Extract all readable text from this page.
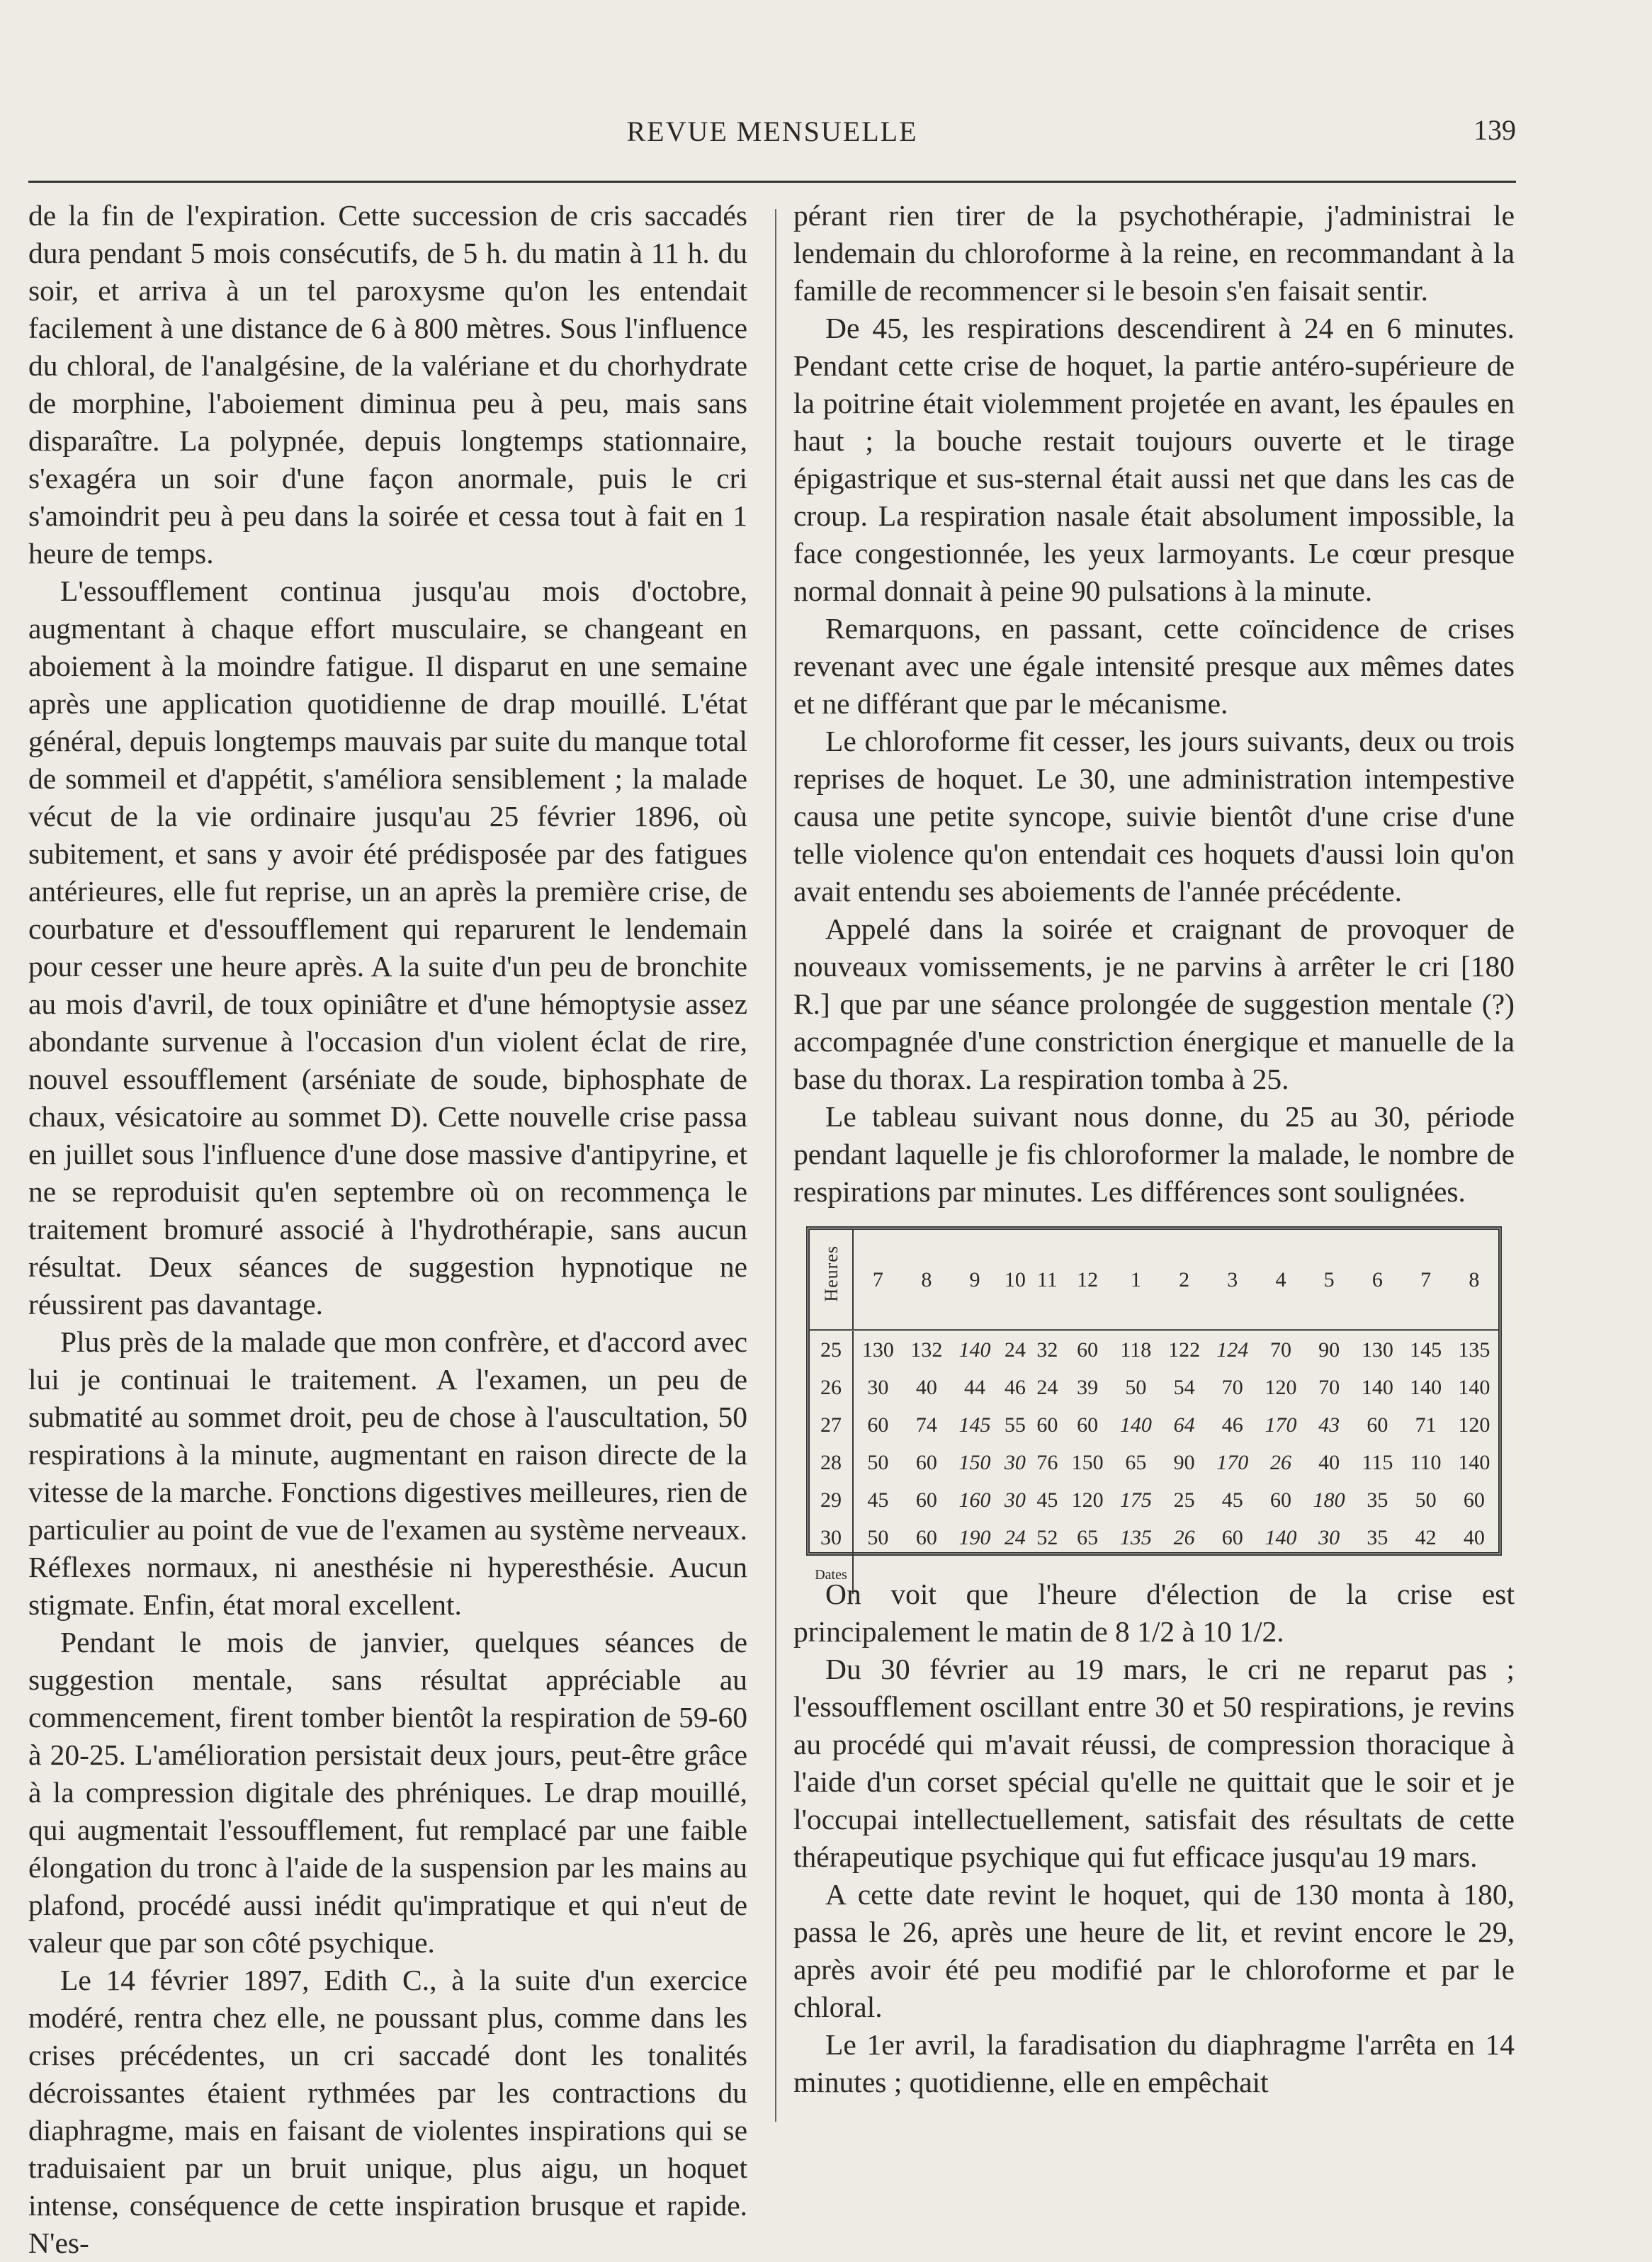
REVUE MENSUELLE	139

de la fin de l'expiration. Cette succession de cris saccadés dura pendant 5 mois consécutifs, de 5 h. du matin à 11 h. du soir, et arriva à un tel paroxysme qu'on les entendait facilement à une distance de 6 à 800 mètres. Sous l'influence du chloral, de l'analgésine, de la valériane et du chorhydrate de morphine, l'aboiement diminua peu à peu, mais sans disparaître. La polypnée, depuis longtemps stationnaire, s'exagéra un soir d'une façon anormale, puis le cri s'amoindrit peu à peu dans la soirée et cessa tout à fait en 1 heure de temps.

L'essoufflement continua jusqu'au mois d'octobre, augmentant à chaque effort musculaire, se changeant en aboiement à la moindre fatigue. Il disparut en une semaine après une application quotidienne de drap mouillé. L'état général, depuis longtemps mauvais par suite du manque total de sommeil et d'appétit, s'améliora sensiblement ; la malade vécut de la vie ordinaire jusqu'au 25 février 1896, où subitement, et sans y avoir été prédisposée par des fatigues antérieures, elle fut reprise, un an après la première crise, de courbature et d'essoufflement qui reparurent le lendemain pour cesser une heure après. A la suite d'un peu de bronchite au mois d'avril, de toux opiniâtre et d'une hémoptysie assez abondante survenue à l'occasion d'un violent éclat de rire, nouvel essoufflement (arséniate de soude, biphosphate de chaux, vésicatoire au sommet D). Cette nouvelle crise passa en juillet sous l'influence d'une dose massive d'antipyrine, et ne se reproduisit qu'en septembre où on recommença le traitement bromuré associé à l'hydrothérapie, sans aucun résultat. Deux séances de suggestion hypnotique ne réussirent pas davantage.

Plus près de la malade que mon confrère, et d'accord avec lui je continuai le traitement. A l'examen, un peu de submatité au sommet droit, peu de chose à l'auscultation, 50 respirations à la minute, augmentant en raison directe de la vitesse de la marche. Fonctions digestives meilleures, rien de particulier au point de vue de l'examen au système nerveaux. Réflexes normaux, ni anesthésie ni hyperesthésie. Aucun stigmate. Enfin, état moral excellent.

Pendant le mois de janvier, quelques séances de suggestion mentale, sans résultat appréciable au commencement, firent tomber bientôt la respiration de 59-60 à 20-25. L'amélioration persistait deux jours, peut-être grâce à la compression digitale des phréniques. Le drap mouillé, qui augmentait l'essoufflement, fut remplacé par une faible élongation du tronc à l'aide de la suspension par les mains au plafond, procédé aussi inédit qu'impratique et qui n'eut de valeur que par son côté psychique.

Le 14 février 1897, Edith C., à la suite d'un exercice modéré, rentra chez elle, ne poussant plus, comme dans les crises précédentes, un cri saccadé dont les tonalités décroissantes étaient rythmées par les contractions du diaphragme, mais en faisant de violentes inspirations qui se traduisaient par un bruit unique, plus aigu, un hoquet intense, conséquence de cette inspiration brusque et rapide. N'es-

pérant rien tirer de la psychothérapie, j'administrai le lendemain du chloroforme à la reine, en recommandant à la famille de recommencer si le besoin s'en faisait sentir.

De 45, les respirations descendirent à 24 en 6 minutes. Pendant cette crise de hoquet, la partie antéro-supérieure de la poitrine était violemment projetée en avant, les épaules en haut ; la bouche restait toujours ouverte et le tirage épigastrique et sus-sternal était aussi net que dans les cas de croup. La respiration nasale était absolument impossible, la face congestionnée, les yeux larmoyants. Le cœur presque normal donnait à peine 90 pulsations à la minute.

Remarquons, en passant, cette coïncidence de crises revenant avec une égale intensité presque aux mêmes dates et ne différant que par le mécanisme.

Le chloroforme fit cesser, les jours suivants, deux ou trois reprises de hoquet. Le 30, une administration intempestive causa une petite syncope, suivie bientôt d'une crise d'une telle violence qu'on entendait ces hoquets d'aussi loin qu'on avait entendu ses aboiements de l'année précédente.

Appelé dans la soirée et craignant de provoquer de nouveaux vomissements, je ne parvins à arrêter le cri [180 R.] que par une séance prolongée de suggestion mentale (?) accompagnée d'une constriction énergique et manuelle de la base du thorax. La respiration tomba à 25.

Le tableau suivant nous donne, du 25 au 30, période pendant laquelle je fis chloroformer la malade, le nombre de respirations par minutes. Les différences sont soulignées.

Heures	7	8	9	10	11	12	1	2	3	4	5	6	7	8
25	130	132	140	24	32	60	118	122	124	70	90	130	145	135
26	30	40	44	46	24	39	50	54	70	120	70	140	140	140
27	60	74	145	55	60	60	140	64	46	170	43	60	71	120
28	50	60	150	30	76	150	65	90	170	26	40	115	110	140
29	45	60	160	30	45	120	175	25	45	60	180	35	50	60
30	50	60	190	24	52	65	135	26	60	140	30	35	42	40
Dates														

On voit que l'heure d'élection de la crise est principalement le matin de 8 1/2 à 10 1/2.

Du 30 février au 19 mars, le cri ne reparut pas ; l'essoufflement oscillant entre 30 et 50 respirations, je revins au procédé qui m'avait réussi, de compression thoracique à l'aide d'un corset spécial qu'elle ne quittait que le soir et je l'occupai intellectuellement, satisfait des résultats de cette thérapeutique psychique qui fut efficace jusqu'au 19 mars.

A cette date revint le hoquet, qui de 130 monta à 180, passa le 26, après une heure de lit, et revint encore le 29, après avoir été peu modifié par le chloroforme et par le chloral.

Le 1er avril, la faradisation du diaphragme l'arrêta en 14 minutes ; quotidienne, elle en empêchait
